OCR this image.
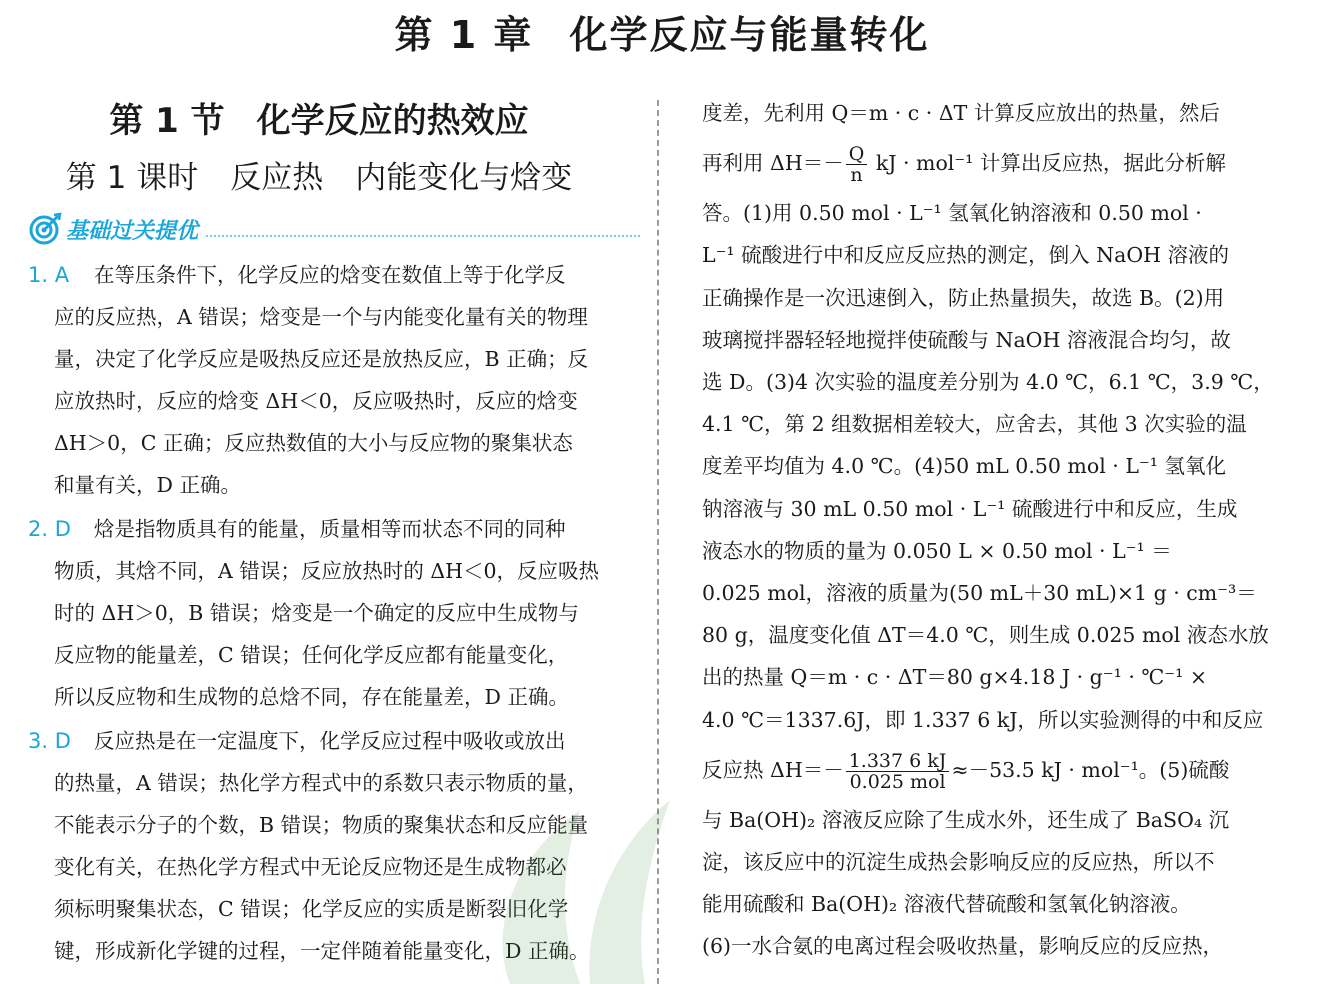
第 1 章 化学反应与能量转化
第 1 节 化学反应的热效应
第 1 课时 反应热 内能变化与焓变
基础过关提优
1. A 在等压条件下，化学反应的焓变在数值上等于化学反
应的反应热，A 错误；焓变是一个与内能变化量有关的物理
量，决定了化学反应是吸热反应还是放热反应，B 正确；反
应放热时，反应的焓变 ΔH＜0，反应吸热时，反应的焓变
ΔH＞0，C 正确；反应热数值的大小与反应物的聚集状态
和量有关，D 正确。
2. D 焓是指物质具有的能量，质量相等而状态不同的同种
物质，其焓不同，A 错误；反应放热时的 ΔH＜0，反应吸热
时的 ΔH＞0，B 错误；焓变是一个确定的反应中生成物与
反应物的能量差，C 错误；任何化学反应都有能量变化，
所以反应物和生成物的总焓不同，存在能量差，D 正确。
3. D 反应热是在一定温度下，化学反应过程中吸收或放出
的热量，A 错误；热化学方程式中的系数只表示物质的量，
不能表示分子的个数，B 错误；物质的聚集状态和反应能量
变化有关，在热化学方程式中无论反应物还是生成物都必
须标明聚集状态，C 错误；化学反应的实质是断裂旧化学
键，形成新化学键的过程，一定伴随着能量变化，D 正确。
度差，先利用 Q＝m · c · ΔT 计算反应放出的热量，然后
再利用 $\Delta H=- \frac{Q}{n}$ kJ · mol⁻¹ 计算出反应热，据此分析解
答。(1)用 0.50 mol · L⁻¹ 氢氧化钠溶液和 0.50 mol ·
L⁻¹ 硫酸进行中和反应反应热的测定，倒入 NaOH 溶液的
正确操作是一次迅速倒入，防止热量损失，故选 B。(2)用
玻璃搅拌器轻轻地搅拌使硫酸与 NaOH 溶液混合均匀，故
选 D。(3)4 次实验的温度差分别为 4.0 ℃，6.1 ℃，3.9 ℃，
4.1 ℃，第 2 组数据相差较大，应舍去，其他 3 次实验的温
度差平均值为 4.0 ℃。(4)50 mL 0.50 mol · L⁻¹ 氢氧化
钠溶液与 30 mL 0.50 mol · L⁻¹ 硫酸进行中和反应，生成
液态水的物质的量为 0.050 L × 0.50 mol · L⁻¹ ＝
0.025 mol，溶液的质量为(50 mL＋30 mL)×1 g · cm⁻³＝
80 g，温度变化值 ΔT＝4.0 ℃，则生成 0.025 mol 液态水放
出的热量 Q＝m · c · ΔT＝80 g×4.18 J · g⁻¹ · ℃⁻¹ ×
4.0 ℃＝1337.6J，即 1.337 6 kJ，所以实验测得的中和反应
反应热 $\Delta H=- \frac{1.337 6 kJ}{\text{0.025 mol}} \approx-53.5$ kJ · mol⁻¹。(5)硫酸
与 Ba(OH)₂ 溶液反应除了生成水外，还生成了 BaSO₄ 沉
淀，该反应中的沉淀生成热会影响反应的反应热，所以不
能用硫酸和 Ba(OH)₂ 溶液代替硫酸和氢氧化钠溶液。
(6)一水合氨的电离过程会吸收热量，影响反应的反应热，
